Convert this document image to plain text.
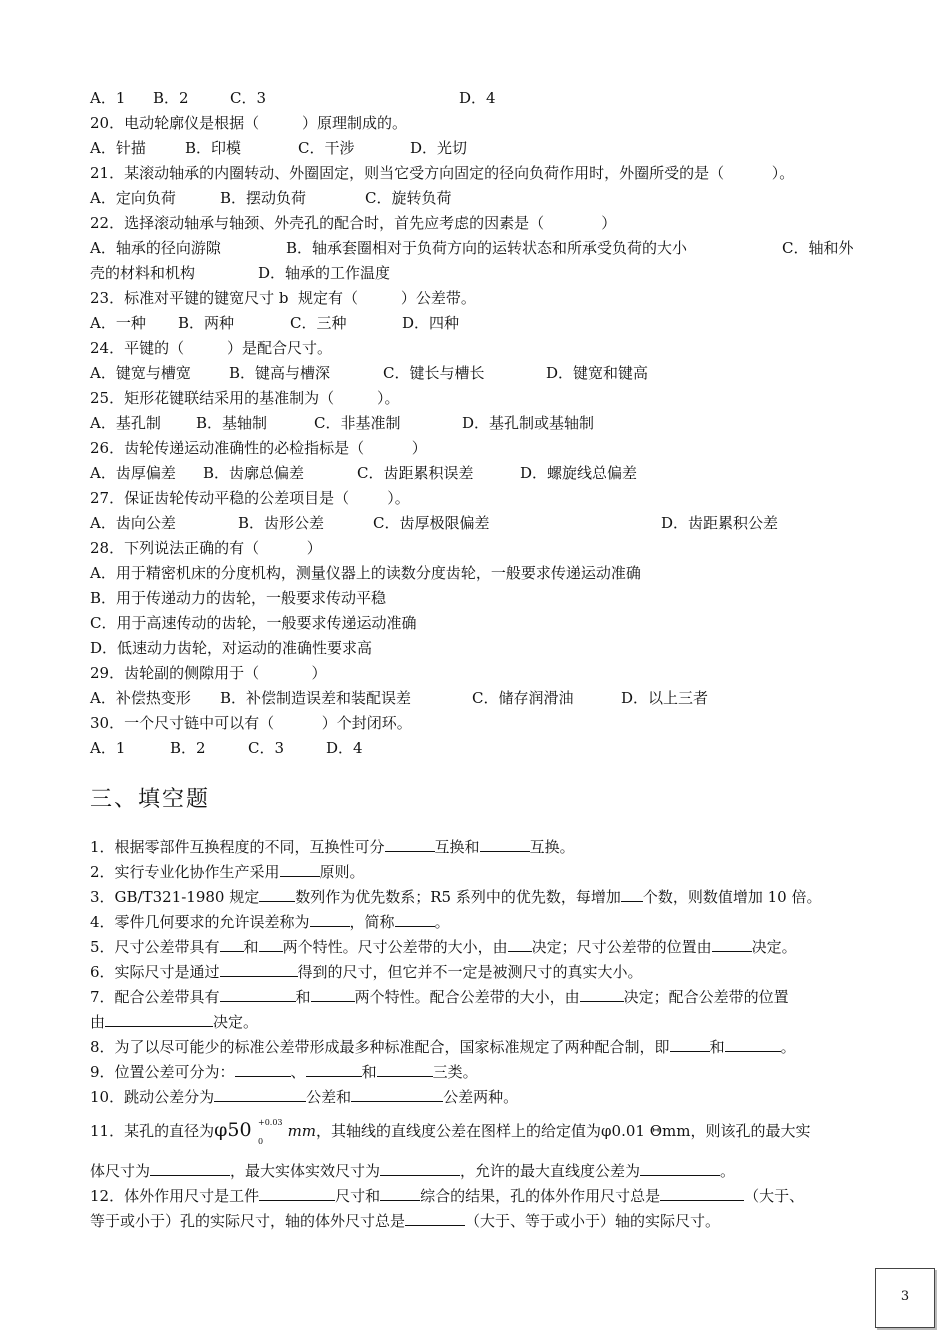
A．1 B．2	C．3	D．4
20．电动轮廓仪是根据（         ）原理制成的。
A．针描	B．印模	C．干涉	D．光切
21．某滚动轴承的内圈转动、外圈固定，则当它受方向固定的径向负荷作用时，外圈所受的是（          ）。
A．定向负荷	B．摆动负荷	C．旋转负荷
22．选择滚动轴承与轴颈、外壳孔的配合时，首先应考虑的因素是（            ）
A．轴承的径向游隙	B．轴承套圈相对于负荷方向的运转状态和所承受负荷的大小	C．轴和外
壳的材料和机构	D．轴承的工作温度
23．标准对平键的键宽尺寸 b  规定有（         ）公差带。
A．一种 B．两种	C．三种	D．四种
24．平键的（         ）是配合尺寸。
A．键宽与槽宽	B．键高与槽深	C．键长与槽长	D．键宽和键高
25．矩形花键联结采用的基准制为（         ）。
A．基孔制 B．基轴制	C．非基准制	D．基孔制或基轴制
26．齿轮传递运动准确性的必检指标是（          ）
A．齿厚偏差 B．齿廓总偏差	C．齿距累积误差	D．螺旋线总偏差
27．保证齿轮传动平稳的公差项目是（        ）。
A．齿向公差	B．齿形公差	C．齿厚极限偏差	D．齿距累积公差
28．下列说法正确的有（          ）
A．用于精密机床的分度机构，测量仪器上的读数分度齿轮，一般要求传递运动准确
B．用于传递动力的齿轮，一般要求传动平稳
C．用于高速传动的齿轮，一般要求传递运动准确
D．低速动力齿轮，对运动的准确性要求高
29．齿轮副的侧隙用于（           ）
A．补偿热变形 B．补偿制造误差和装配误差	C．储存润滑油	D．以上三者
30．一个尺寸链中可以有（          ）个封闭环。
A．1	B．2	C．3	D．4
三、填空题
1．根据零部件互换程度的不同，互换性可分	互换和	互换。
2．实行专业化协作生产采用	原则。
3．GB/T321-1980 规定 数列作为优先数系；R5 系列中的优先数，每增加 个数，则数值增加 10 倍。
4．零件几何要求的允许误差称为	，简称	。
5．尺寸公差带具有 和 两个特性。尺寸公差带的大小，由 决定；尺寸公差带的位置由	决定。
6．实际尺寸是通过	得到的尺寸，但它并不一定是被测尺寸的真实大小。
7．配合公差带具有	和	两个特性。配合公差带的大小，由	决定；配合公差带的位置
由	决定。
8．为了以尽可能少的标准公差带形成最多种标准配合，国家标准规定了两种配合制，即	和	。
9．位置公差可分为：	、	和	三类。
10．跳动公差分为	公差和	公差两种。
11．某孔的直径为φ50 mm，其轴线的直线度公差在图样上的给定值为φ0.01 Θmm，则该孔的最大实
+0.03
0
体尺寸为	，最大实体实效尺寸为	，允许的最大直线度公差为	。
12．体外作用尺寸是工件	尺寸和	综合的结果，孔的体外作用尺寸总是	（大于、
等于或小于）孔的实际尺寸，轴的体外尺寸总是	（大于、等于或小于）轴的实际尺寸。
3
